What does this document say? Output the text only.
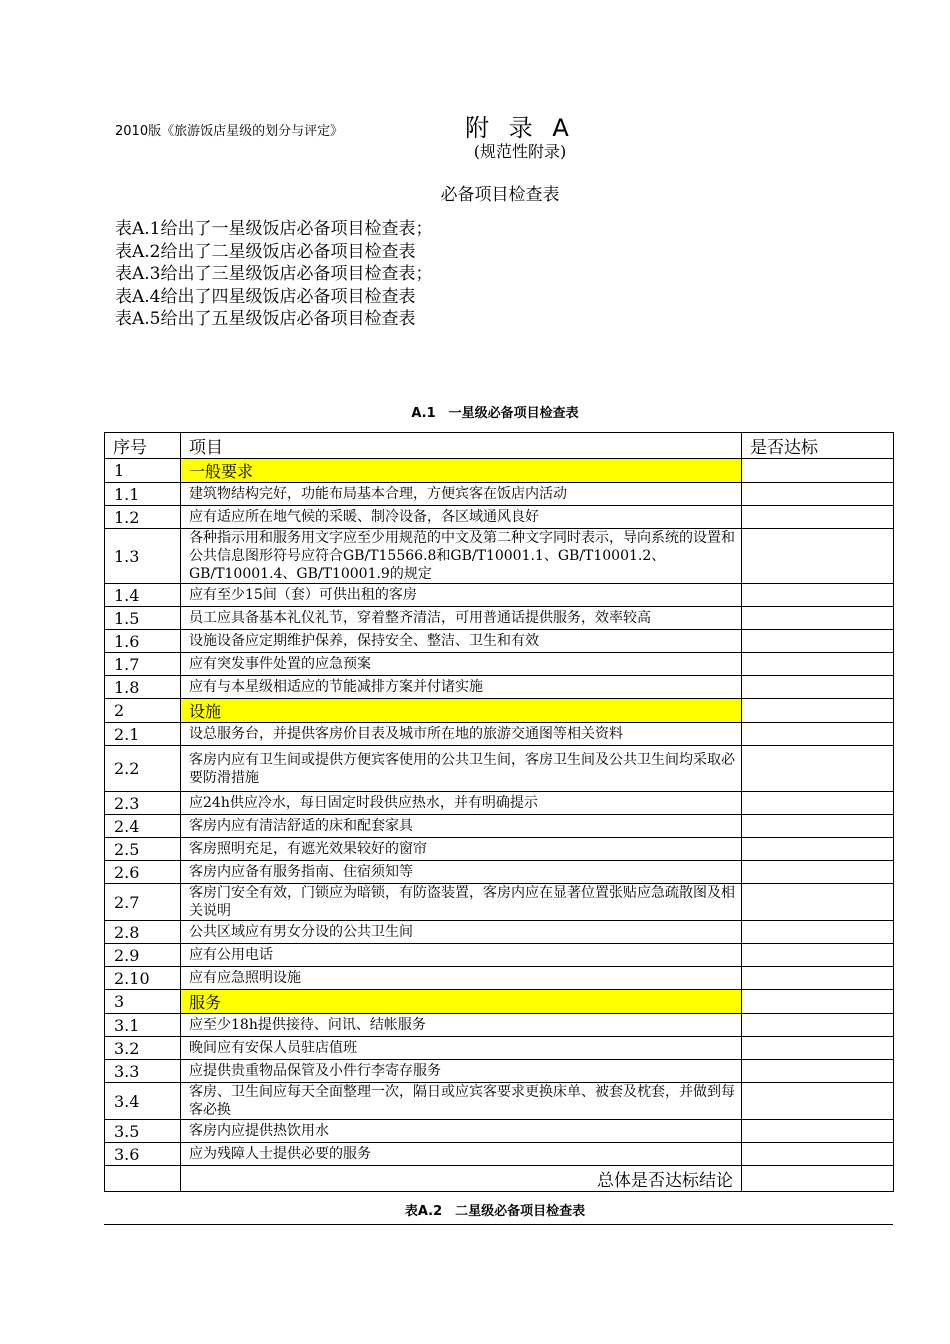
2010版《旅游饭店星级的划分与评定》	附 录 A
(规范性附录)
必备项目检查表
表A.1给出了一星级饭店必备项目检查表；
表A.2给出了二星级饭店必备项目检查表
表A.3给出了三星级饭店必备项目检查表；
表A.4给出了四星级饭店必备项目检查表
表A.5给出了五星级饭店必备项目检查表
A.1　一星级必备项目检查表
序号	项目	是否达标
1	一般要求	
1.1	建筑物结构完好，功能布局基本合理，方便宾客在饭店内活动	
1.2	应有适应所在地气候的采暖、制冷设备，各区域通风良好	
1.3	各种指示用和服务用文字应至少用规范的中文及第二种文字同时表示，导向系统的设置和公共信息图形符号应符合GB/T15566.8和GB/T10001.1、GB/T10001.2、GB/T10001.4、GB/T10001.9的规定	
1.4	应有至少15间（套）可供出租的客房	
1.5	员工应具备基本礼仪礼节，穿着整齐清洁，可用普通话提供服务，效率较高	
1.6	设施设备应定期维护保养，保持安全、整洁、卫生和有效	
1.7	应有突发事件处置的应急预案	
1.8	应有与本星级相适应的节能减排方案并付诸实施	
2	设施	
2.1	设总服务台，并提供客房价目表及城市所在地的旅游交通图等相关资料	
2.2	客房内应有卫生间或提供方便宾客使用的公共卫生间，客房卫生间及公共卫生间均采取必要防滑措施	
2.3	应24h供应冷水，每日固定时段供应热水，并有明确提示	
2.4	客房内应有清洁舒适的床和配套家具	
2.5	客房照明充足，有遮光效果较好的窗帘	
2.6	客房内应备有服务指南、住宿须知等	
2.7	客房门安全有效，门锁应为暗锁，有防盗装置，客房内应在显著位置张贴应急疏散图及相关说明	
2.8	公共区域应有男女分设的公共卫生间	
2.9	应有公用电话	
2.10	应有应急照明设施	
3	服务	
3.1	应至少18h提供接待、问讯、结帐服务	
3.2	晚间应有安保人员驻店值班	
3.3	应提供贵重物品保管及小件行李寄存服务	
3.4	客房、卫生间应每天全面整理一次，隔日或应宾客要求更换床单、被套及枕套，并做到每客必换	
3.5	客房内应提供热饮用水	
3.6	应为残障人士提供必要的服务	
	总体是否达标结论	
表A.2　二星级必备项目检查表
